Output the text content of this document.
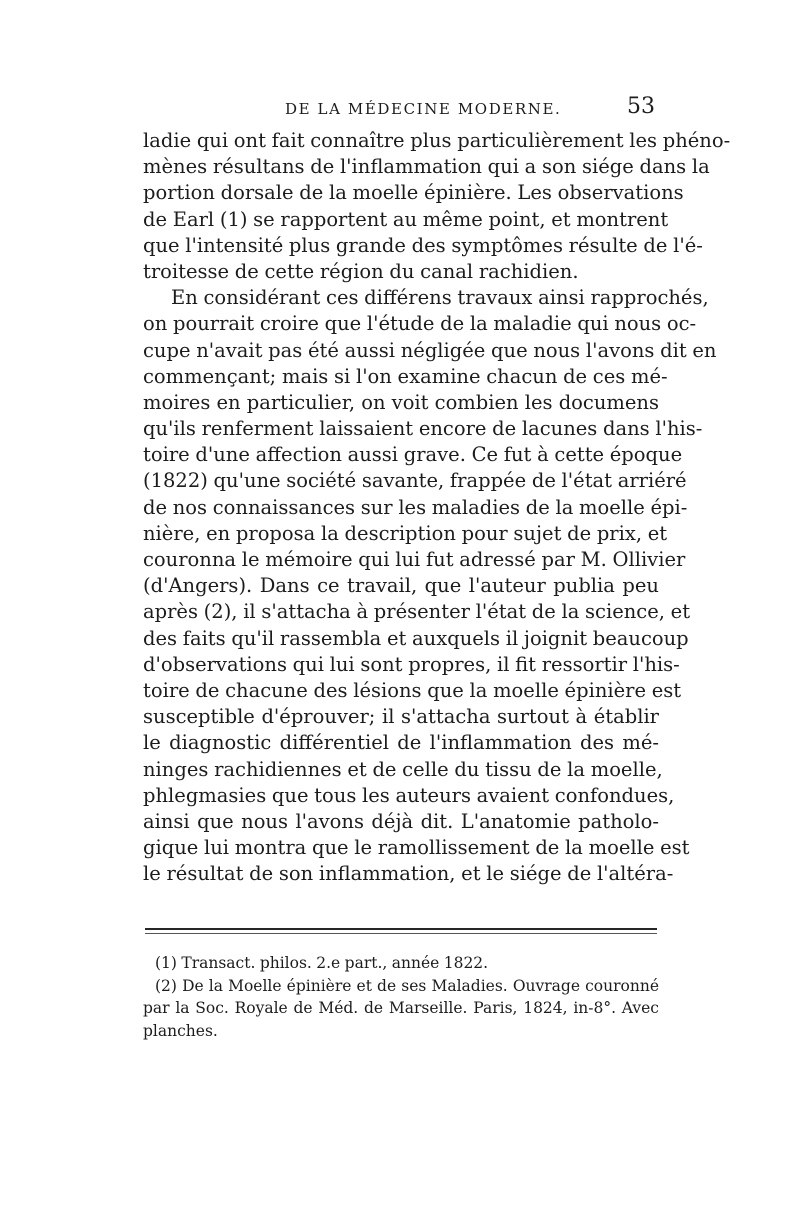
DE LA MÉDECINE MODERNE.	53
ladie qui ont fait connaître plus particulièrement les phéno-
mènes résultans de l'inflammation qui a son siége dans la
portion dorsale de la moelle épinière. Les observations
de Earl (1) se rapportent au même point, et montrent
que l'intensité plus grande des symptômes résulte de l'é-
troitesse de cette région du canal rachidien.
En considérant ces différens travaux ainsi rapprochés,
on pourrait croire que l'étude de la maladie qui nous oc-
cupe n'avait pas été aussi négligée que nous l'avons dit en
commençant; mais si l'on examine chacun de ces mé-
moires en particulier, on voit combien les documens
qu'ils renferment laissaient encore de lacunes dans l'his-
toire d'une affection aussi grave. Ce fut à cette époque
(1822) qu'une société savante, frappée de l'état arriéré
de nos connaissances sur les maladies de la moelle épi-
nière, en proposa la description pour sujet de prix, et
couronna le mémoire qui lui fut adressé par M. Ollivier
(d'Angers). Dans ce travail, que l'auteur publia peu
après (2), il s'attacha à présenter l'état de la science, et
des faits qu'il rassembla et auxquels il joignit beaucoup
d'observations qui lui sont propres, il fit ressortir l'his-
toire de chacune des lésions que la moelle épinière est
susceptible d'éprouver; il s'attacha surtout à établir
le diagnostic différentiel de l'inflammation des mé-
ninges rachidiennes et de celle du tissu de la moelle,
phlegmasies que tous les auteurs avaient confondues,
ainsi que nous l'avons déjà dit. L'anatomie patholo-
gique lui montra que le ramollissement de la moelle est
le résultat de son inflammation, et le siége de l'altéra-
(1) Transact. philos. 2.e part., année 1822.
(2) De la Moelle épinière et de ses Maladies. Ouvrage couronné
par la Soc. Royale de Méd. de Marseille. Paris, 1824, in-8°. Avec
planches.
